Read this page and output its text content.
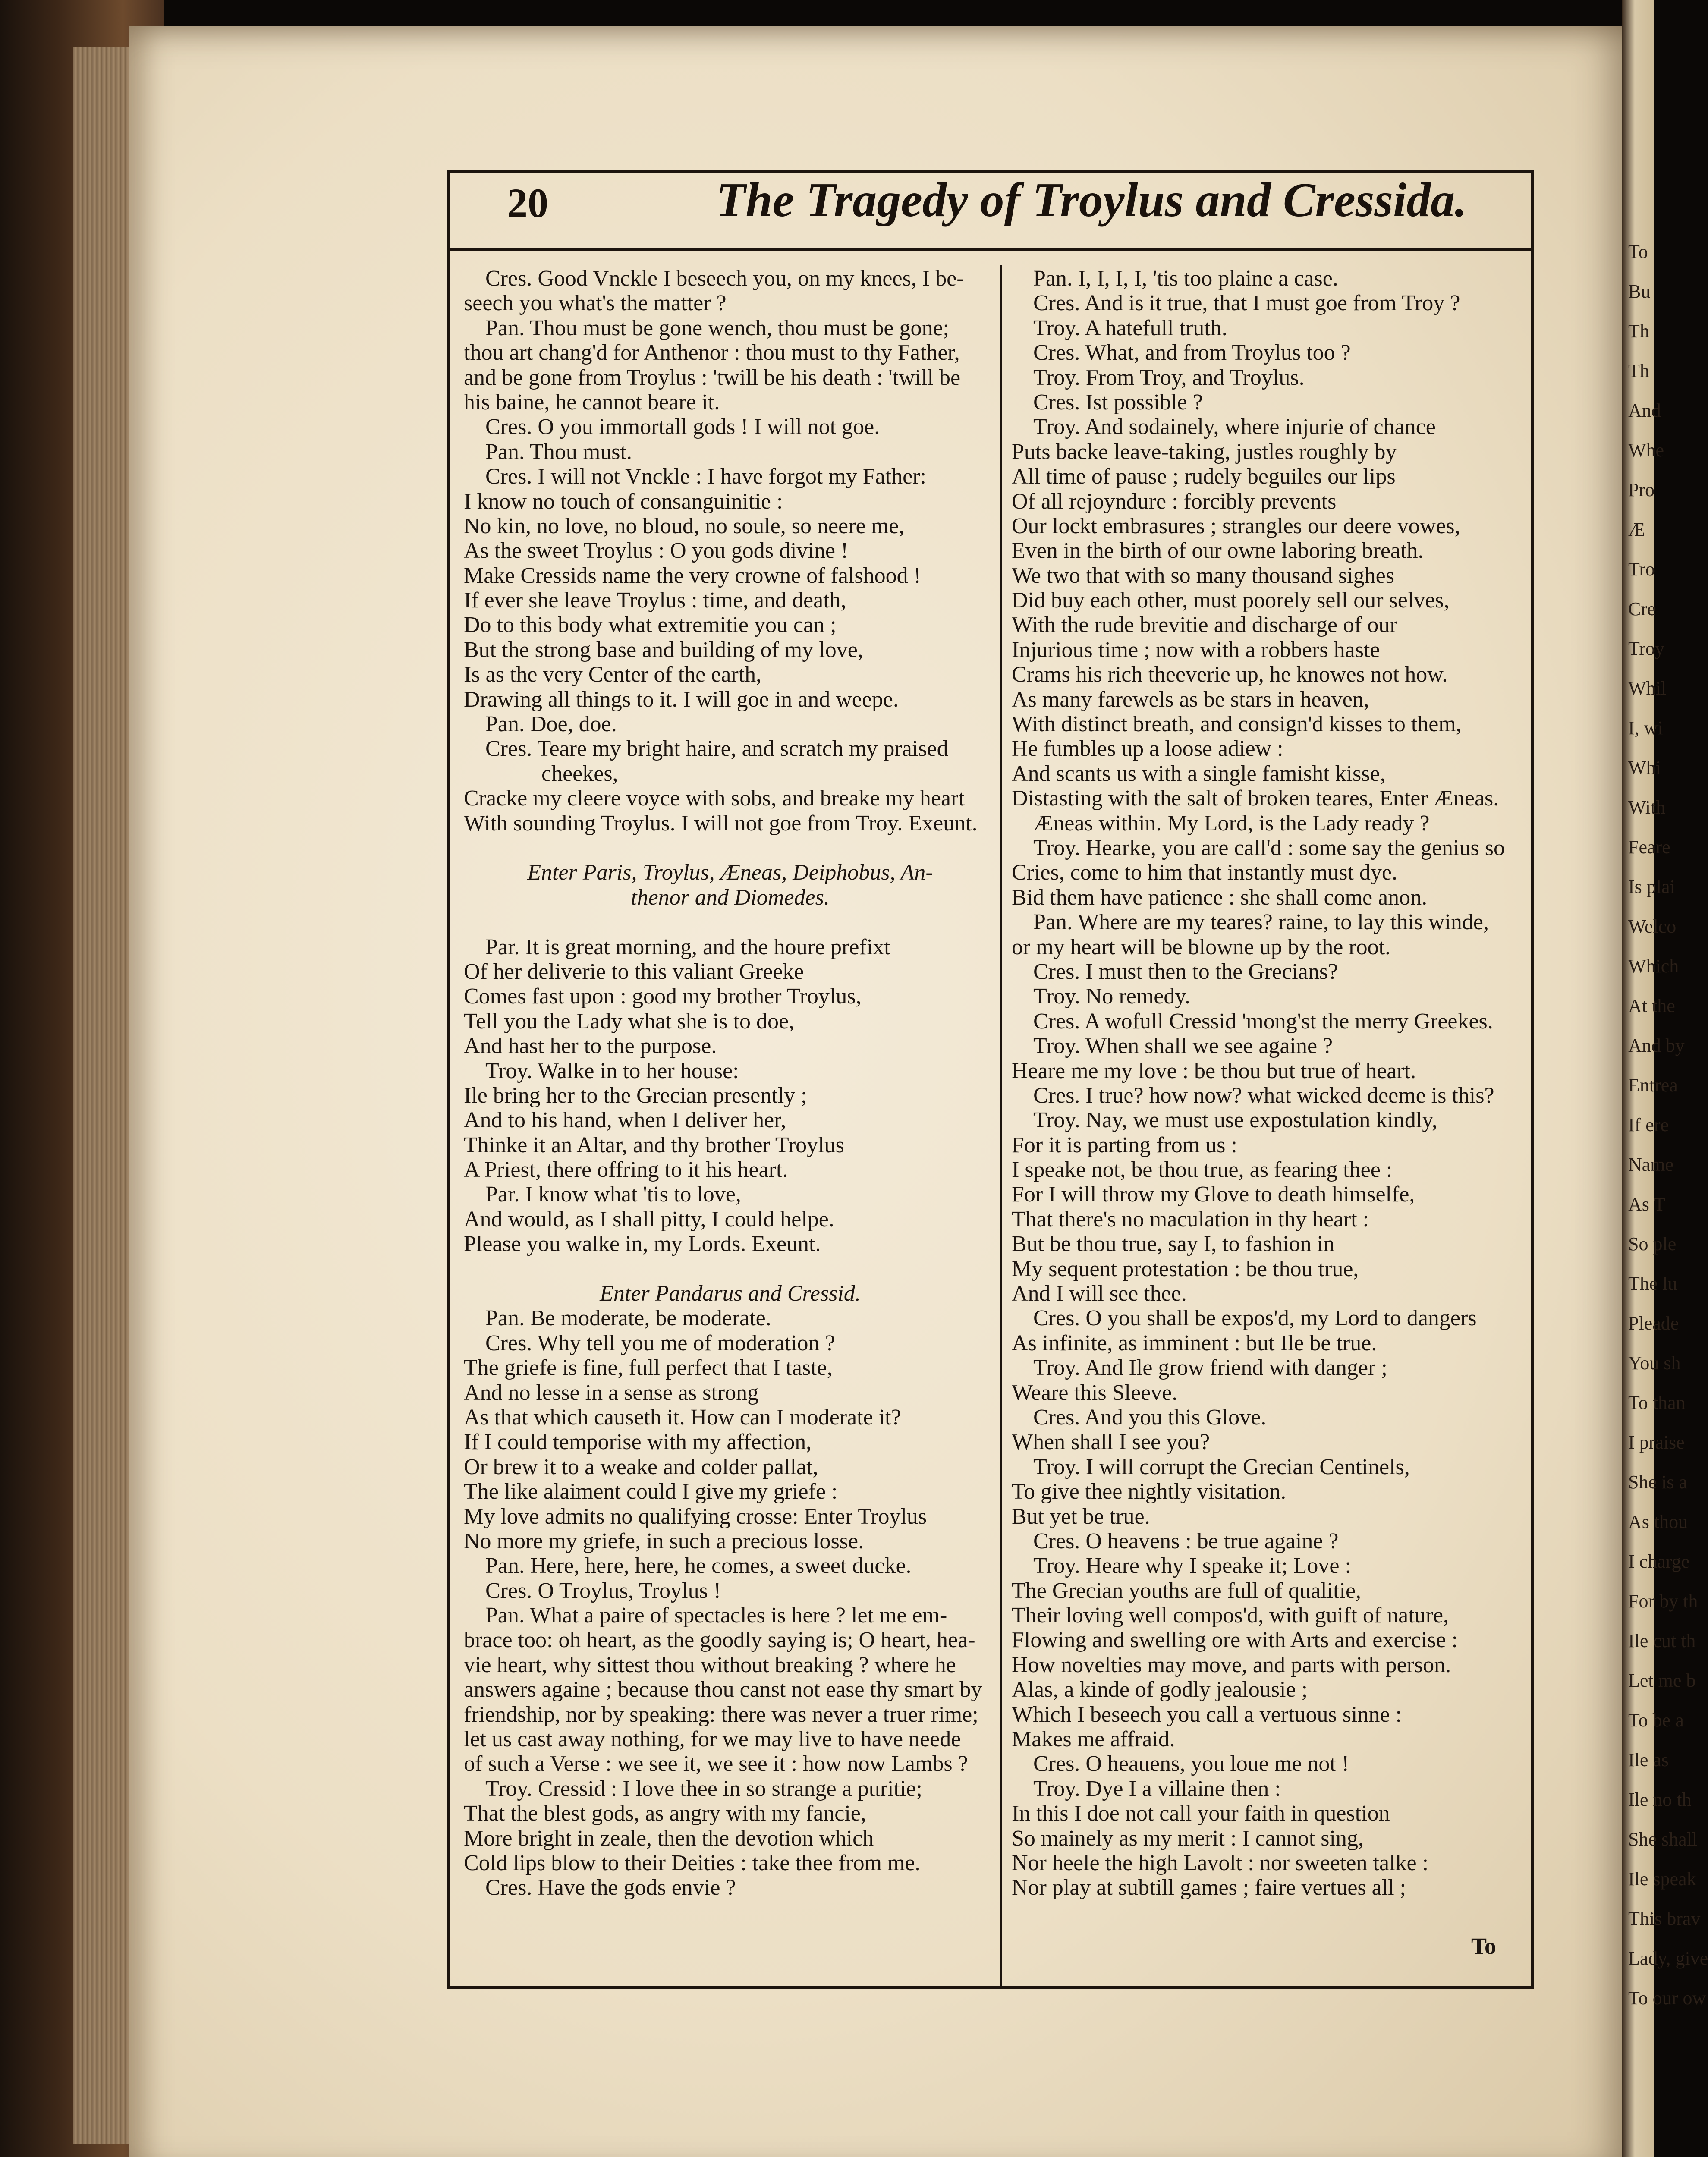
To
Bu
Th
Th
And
Whe
Pro
Æ
Tro
Cre
Troy
Whil
I, wi
Whi
With
Feare
Is plai
Welco
Which
At the
And by
Entrea
If ere
Name
As T
So ple
The lu
Pleade
You sh
To than
I praise
She is a
As thou
I charge
For by th
Ile cut th
Let me b
To be a
Ile as
Ile no th
She shall
Ile speak
This brav
Lady, give
To our ow
20	The Tragedy of Troylus and Cressida.
Cres. Good Vnckle I beseech you, on my knees, I be-
seech you what's the matter ?
Pan. Thou must be gone wench, thou must be gone;
thou art chang'd for Anthenor : thou must to thy Father,
and be gone from Troylus : 'twill be his death : 'twill be
his baine, he cannot beare it.
Cres. O you immortall gods ! I will not goe.
Pan. Thou must.
Cres. I will not Vnckle : I have forgot my Father:
I know no touch of consanguinitie :
No kin, no love, no bloud, no soule, so neere me,
As the sweet Troylus : O you gods divine !
Make Cressids name the very crowne of falshood !
If ever she leave Troylus : time, and death,
Do to this body what extremitie you can ;
But the strong base and building of my love,
Is as the very Center of the earth,
Drawing all things to it. I will goe in and weepe.
Pan. Doe, doe.
Cres. Teare my bright haire, and scratch my praised
cheekes,
Cracke my cleere voyce with sobs, and breake my heart
With sounding Troylus. I will not goe from Troy. Exeunt.
Enter Paris, Troylus, Æneas, Deiphobus, An-
thenor and Diomedes.
Par. It is great morning, and the houre prefixt
Of her deliverie to this valiant Greeke
Comes fast upon : good my brother Troylus,
Tell you the Lady what she is to doe,
And hast her to the purpose.
Troy. Walke in to her house:
Ile bring her to the Grecian presently ;
And to his hand, when I deliver her,
Thinke it an Altar, and thy brother Troylus
A Priest, there offring to it his heart.
Par. I know what 'tis to love,
And would, as I shall pitty, I could helpe.
Please you walke in, my Lords. Exeunt.
Enter Pandarus and Cressid.
Pan. Be moderate, be moderate.
Cres. Why tell you me of moderation ?
The griefe is fine, full perfect that I taste,
And no lesse in a sense as strong
As that which causeth it. How can I moderate it?
If I could temporise with my affection,
Or brew it to a weake and colder pallat,
The like alaiment could I give my griefe :
My love admits no qualifying crosse: Enter Troylus
No more my griefe, in such a precious losse.
Pan. Here, here, here, he comes, a sweet ducke.
Cres. O Troylus, Troylus !
Pan. What a paire of spectacles is here ? let me em-
brace too: oh heart, as the goodly saying is; O heart, hea-
vie heart, why sittest thou without breaking ? where he
answers againe ; because thou canst not ease thy smart by
friendship, nor by speaking: there was never a truer rime;
let us cast away nothing, for we may live to have neede
of such a Verse : we see it, we see it : how now Lambs ?
Troy. Cressid : I love thee in so strange a puritie;
That the blest gods, as angry with my fancie,
More bright in zeale, then the devotion which
Cold lips blow to their Deities : take thee from me.
Cres. Have the gods envie ?
Pan. I, I, I, I, 'tis too plaine a case.
Cres. And is it true, that I must goe from Troy ?
Troy. A hatefull truth.
Cres. What, and from Troylus too ?
Troy. From Troy, and Troylus.
Cres. Ist possible ?
Troy. And sodainely, where injurie of chance
Puts backe leave-taking, justles roughly by
All time of pause ; rudely beguiles our lips
Of all rejoyndure : forcibly prevents
Our lockt embrasures ; strangles our deere vowes,
Even in the birth of our owne laboring breath.
We two that with so many thousand sighes
Did buy each other, must poorely sell our selves,
With the rude brevitie and discharge of our
Injurious time ; now with a robbers haste
Crams his rich theeverie up, he knowes not how.
As many farewels as be stars in heaven,
With distinct breath, and consign'd kisses to them,
He fumbles up a loose adiew :
And scants us with a single famisht kisse,
Distasting with the salt of broken teares, Enter Æneas.
Æneas within. My Lord, is the Lady ready ?
Troy. Hearke, you are call'd : some say the genius so
Cries, come to him that instantly must dye.
Bid them have patience : she shall come anon.
Pan. Where are my teares? raine, to lay this winde,
or my heart will be blowne up by the root.
Cres. I must then to the Grecians?
Troy. No remedy.
Cres. A wofull Cressid 'mong'st the merry Greekes.
Troy. When shall we see againe ?
Heare me my love : be thou but true of heart.
Cres. I true? how now? what wicked deeme is this?
Troy. Nay, we must use expostulation kindly,
For it is parting from us :
I speake not, be thou true, as fearing thee :
For I will throw my Glove to death himselfe,
That there's no maculation in thy heart :
But be thou true, say I, to fashion in
My sequent protestation : be thou true,
And I will see thee.
Cres. O you shall be expos'd, my Lord to dangers
As infinite, as imminent : but Ile be true.
Troy. And Ile grow friend with danger ;
Weare this Sleeve.
Cres. And you this Glove.
When shall I see you?
Troy. I will corrupt the Grecian Centinels,
To give thee nightly visitation.
But yet be true.
Cres. O heavens : be true againe ?
Troy. Heare why I speake it; Love :
The Grecian youths are full of qualitie,
Their loving well compos'd, with guift of nature,
Flowing and swelling ore with Arts and exercise :
How novelties may move, and parts with person.
Alas, a kinde of godly jealousie ;
Which I beseech you call a vertuous sinne :
Makes me affraid.
Cres. O heauens, you loue me not !
Troy. Dye I a villaine then :
In this I doe not call your faith in question
So mainely as my merit : I cannot sing,
Nor heele the high Lavolt : nor sweeten talke :
Nor play at subtill games ; faire vertues all ;
To
